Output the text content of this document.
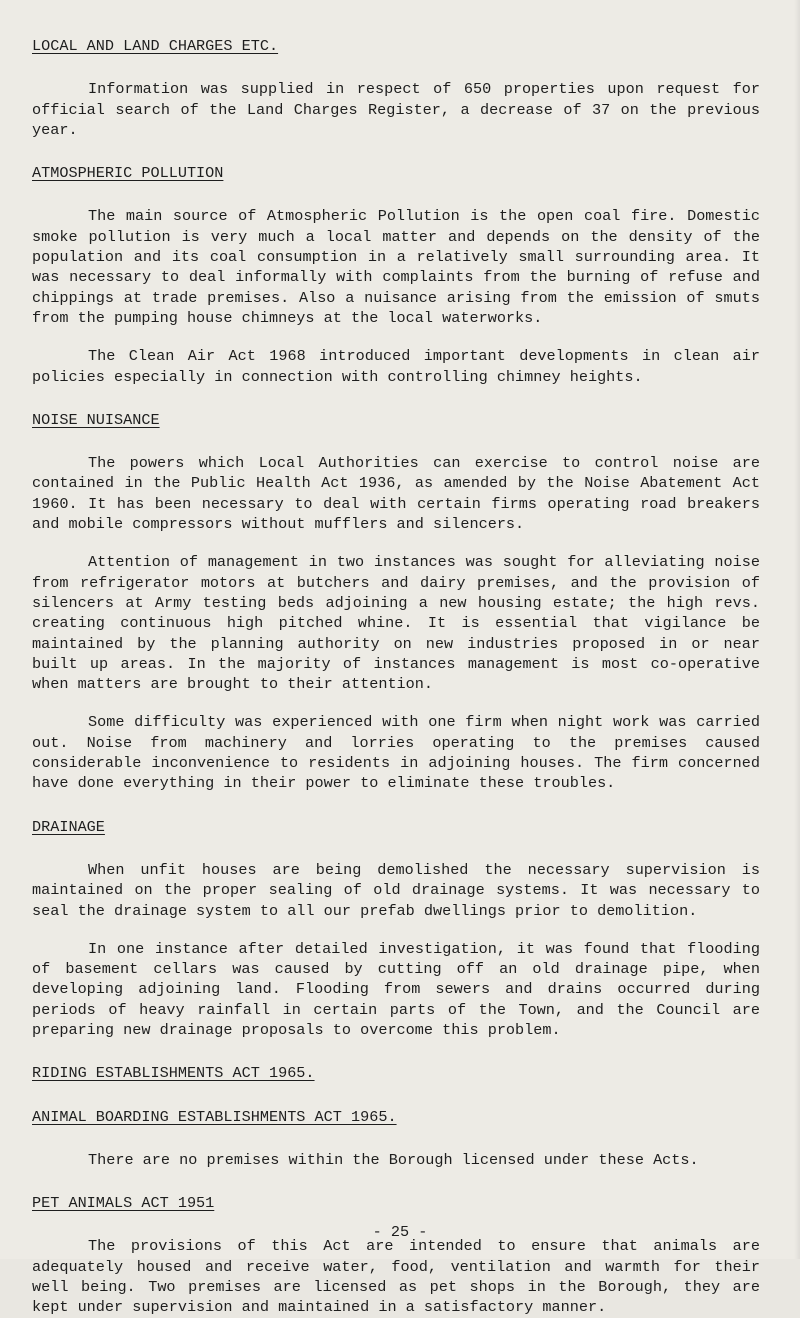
LOCAL AND LAND CHARGES ETC.

Information was supplied in respect of 650 properties upon request for official search of the Land Charges Register, a decrease of 37 on the previous year.

ATMOSPHERIC POLLUTION

The main source of Atmospheric Pollution is the open coal fire. Domestic smoke pollution is very much a local matter and depends on the density of the population and its coal consumption in a relatively small surrounding area. It was necessary to deal informally with complaints from the burning of refuse and chippings at trade premises. Also a nuisance arising from the emission of smuts from the pumping house chimneys at the local waterworks.

The Clean Air Act 1968 introduced important developments in clean air policies especially in connection with controlling chimney heights.

NOISE NUISANCE

The powers which Local Authorities can exercise to control noise are contained in the Public Health Act 1936, as amended by the Noise Abatement Act 1960. It has been necessary to deal with certain firms operating road breakers and mobile compressors without mufflers and silencers.

Attention of management in two instances was sought for alleviating noise from refrigerator motors at butchers and dairy premises, and the provision of silencers at Army testing beds adjoining a new housing estate; the high revs. creating continuous high pitched whine. It is essential that vigilance be maintained by the planning authority on new industries proposed in or near built up areas. In the majority of instances management is most co-operative when matters are brought to their attention.

Some difficulty was experienced with one firm when night work was carried out. Noise from machinery and lorries operating to the premises caused considerable inconvenience to residents in adjoining houses. The firm concerned have done everything in their power to eliminate these troubles.

DRAINAGE

When unfit houses are being demolished the necessary supervision is maintained on the proper sealing of old drainage systems. It was necessary to seal the drainage system to all our prefab dwellings prior to demolition.

In one instance after detailed investigation, it was found that flooding of basement cellars was caused by cutting off an old drainage pipe, when developing adjoining land. Flooding from sewers and drains occurred during periods of heavy rainfall in certain parts of the Town, and the Council are preparing new drainage proposals to overcome this problem.

RIDING ESTABLISHMENTS ACT 1965.
ANIMAL BOARDING ESTABLISHMENTS ACT 1965.

There are no premises within the Borough licensed under these Acts.

PET ANIMALS ACT 1951

The provisions of this Act are intended to ensure that animals are adequately housed and receive water, food, ventilation and warmth for their well being. Two premises are licensed as pet shops in the Borough, they are kept under supervision and maintained in a satisfactory manner.

- 25 -
